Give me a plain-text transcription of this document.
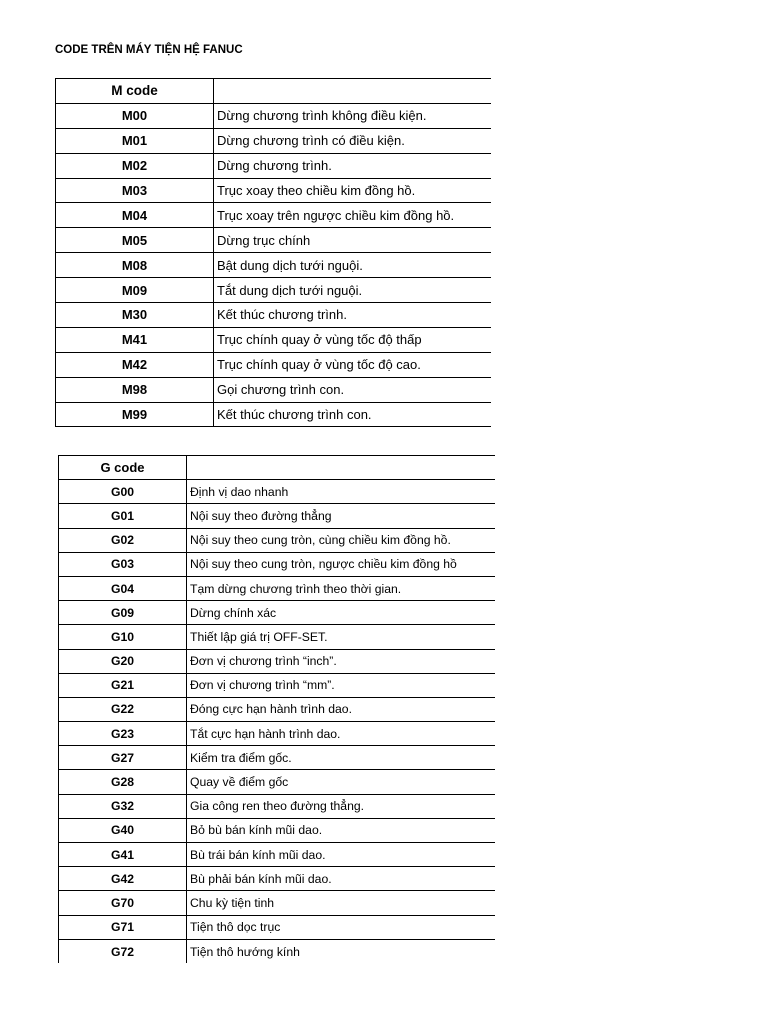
CODE TRÊN MÁY TIỆN HỆ FANUC
M code	
M00	Dừng chương trình không điều kiện.
M01	Dừng chương trình có điều kiện.
M02	Dừng chương trình.
M03	Trục xoay theo chiều kim đồng hồ.
M04	Trục xoay trên ngược chiều kim đồng hồ.
M05	Dừng trục chính
M08	Bật dung dịch tưới nguội.
M09	Tắt dung dịch tưới nguội.
M30	Kết thúc chương trình.
M41	Trục chính quay ở vùng tốc độ thấp
M42	Trục chính quay ở vùng tốc độ cao.
M98	Gọi chương trình con.
M99	Kết thúc chương trình con.
G code	
G00	Định vị dao nhanh
G01	Nội suy theo đường thẳng
G02	Nội suy theo cung tròn, cùng chiều kim đồng hồ.
G03	Nội suy theo cung tròn, ngược chiều kim đồng hồ
G04	Tạm dừng chương trình theo thời gian.
G09	Dừng chính xác
G10	Thiết lập giá trị OFF-SET.
G20	Đơn vị chương trình “inch”.
G21	Đơn vị chương trình “mm”.
G22	Đóng cực hạn hành trình dao.
G23	Tắt cực hạn hành trình dao.
G27	Kiểm tra điểm gốc.
G28	Quay về điểm gốc
G32	Gia công ren theo đường thẳng.
G40	Bỏ bù bán kính mũi dao.
G41	Bù trái bán kính mũi dao.
G42	Bù phải bán kính mũi dao.
G70	Chu kỳ tiện tinh
G71	Tiện thô dọc trục
G72	Tiện thô hướng kính
